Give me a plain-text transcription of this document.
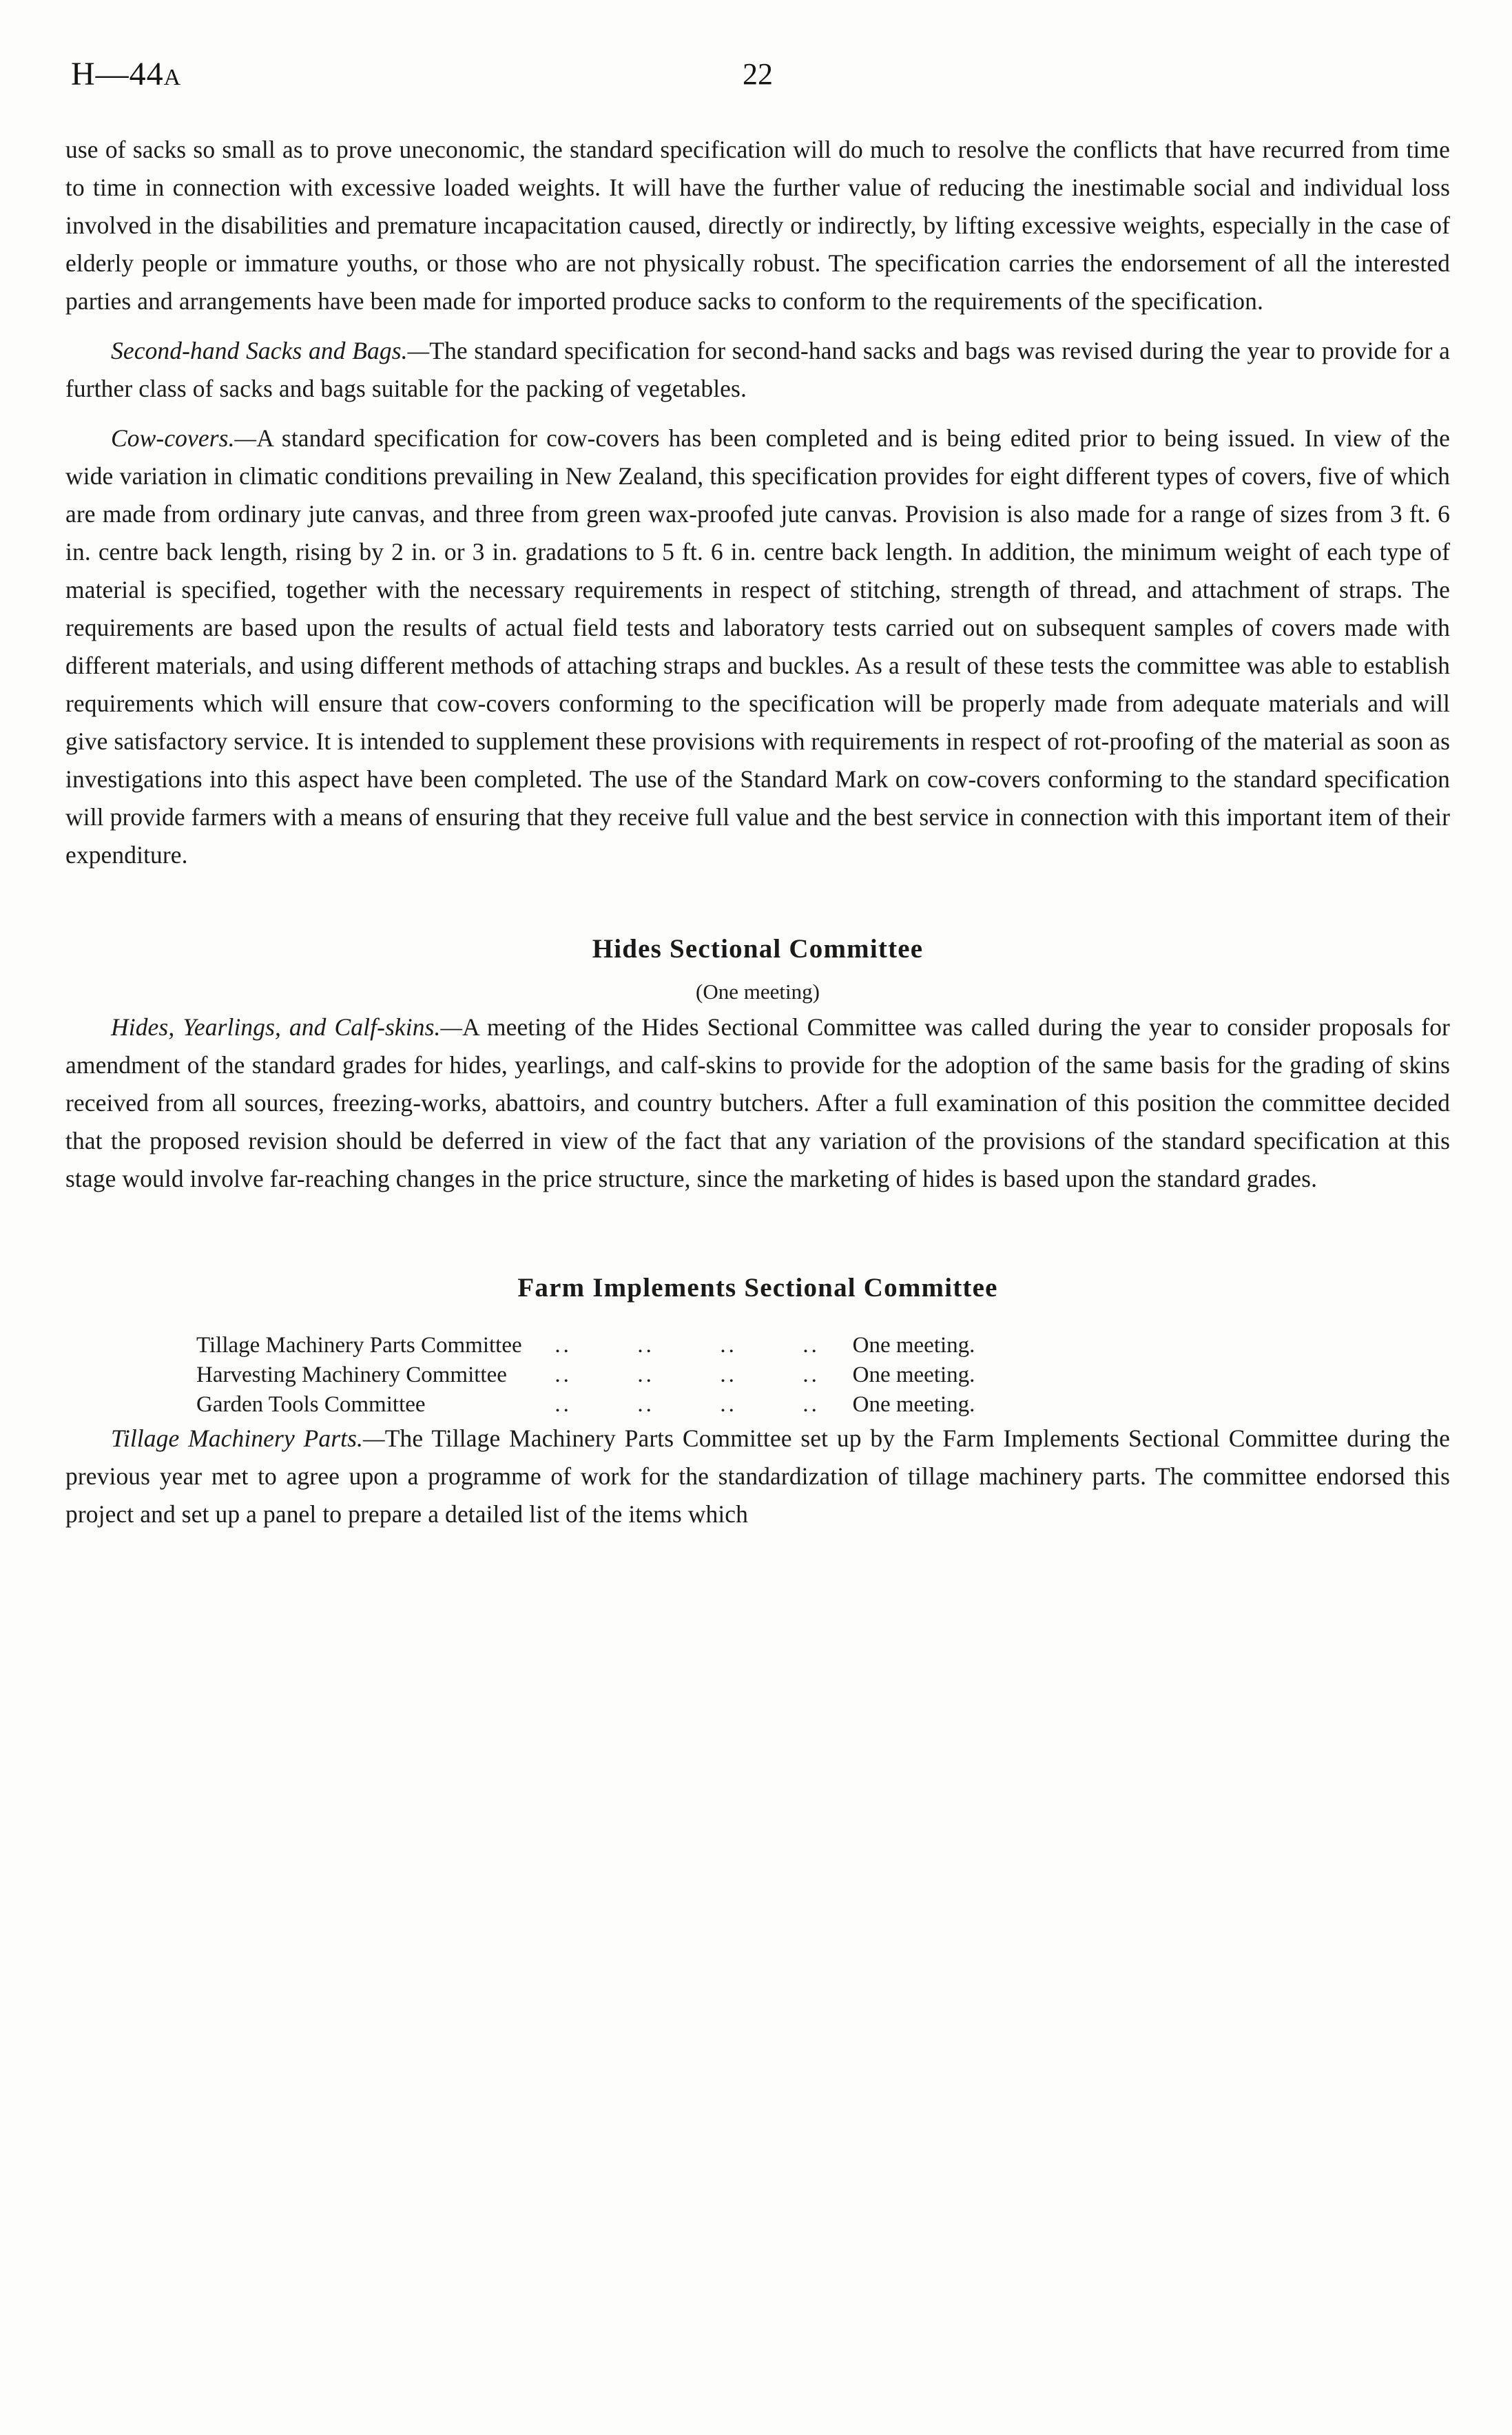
H—44A	22

use of sacks so small as to prove uneconomic, the standard specification will do much to resolve the conflicts that have recurred from time to time in connection with excessive loaded weights. It will have the further value of reducing the inestimable social and individual loss involved in the disabilities and premature incapacitation caused, directly or indirectly, by lifting excessive weights, especially in the case of elderly people or immature youths, or those who are not physically robust. The specification carries the endorsement of all the interested parties and arrangements have been made for imported produce sacks to conform to the requirements of the specification.

Second-hand Sacks and Bags.—The standard specification for second-hand sacks and bags was revised during the year to provide for a further class of sacks and bags suitable for the packing of vegetables.

Cow-covers.—A standard specification for cow-covers has been completed and is being edited prior to being issued. In view of the wide variation in climatic conditions prevailing in New Zealand, this specification provides for eight different types of covers, five of which are made from ordinary jute canvas, and three from green wax-proofed jute canvas. Provision is also made for a range of sizes from 3 ft. 6 in. centre back length, rising by 2 in. or 3 in. gradations to 5 ft. 6 in. centre back length. In addition, the minimum weight of each type of material is specified, together with the necessary requirements in respect of stitching, strength of thread, and attachment of straps. The requirements are based upon the results of actual field tests and laboratory tests carried out on subsequent samples of covers made with different materials, and using different methods of attaching straps and buckles. As a result of these tests the committee was able to establish requirements which will ensure that cow-covers conforming to the specification will be properly made from adequate materials and will give satisfactory service. It is intended to supplement these provisions with requirements in respect of rot-proofing of the material as soon as investigations into this aspect have been completed. The use of the Standard Mark on cow-covers conforming to the standard specification will provide farmers with a means of ensuring that they receive full value and the best service in connection with this important item of their expenditure.

Hides Sectional Committee
(One meeting)

Hides, Yearlings, and Calf-skins.—A meeting of the Hides Sectional Committee was called during the year to consider proposals for amendment of the standard grades for hides, yearlings, and calf-skins to provide for the adoption of the same basis for the grading of skins received from all sources, freezing-works, abattoirs, and country butchers. After a full examination of this position the committee decided that the proposed revision should be deferred in view of the fact that any variation of the provisions of the standard specification at this stage would involve far-reaching changes in the price structure, since the marketing of hides is based upon the standard grades.

Farm Implements Sectional Committee
Tillage Machinery Parts Committee	..	..	..	..	One meeting.
Harvesting Machinery Committee	..	..	..	..	One meeting.
Garden Tools Committee	..	..	..	..	One meeting.

Tillage Machinery Parts.—The Tillage Machinery Parts Committee set up by the Farm Implements Sectional Committee during the previous year met to agree upon a programme of work for the standardization of tillage machinery parts. The committee endorsed this project and set up a panel to prepare a detailed list of the items which
